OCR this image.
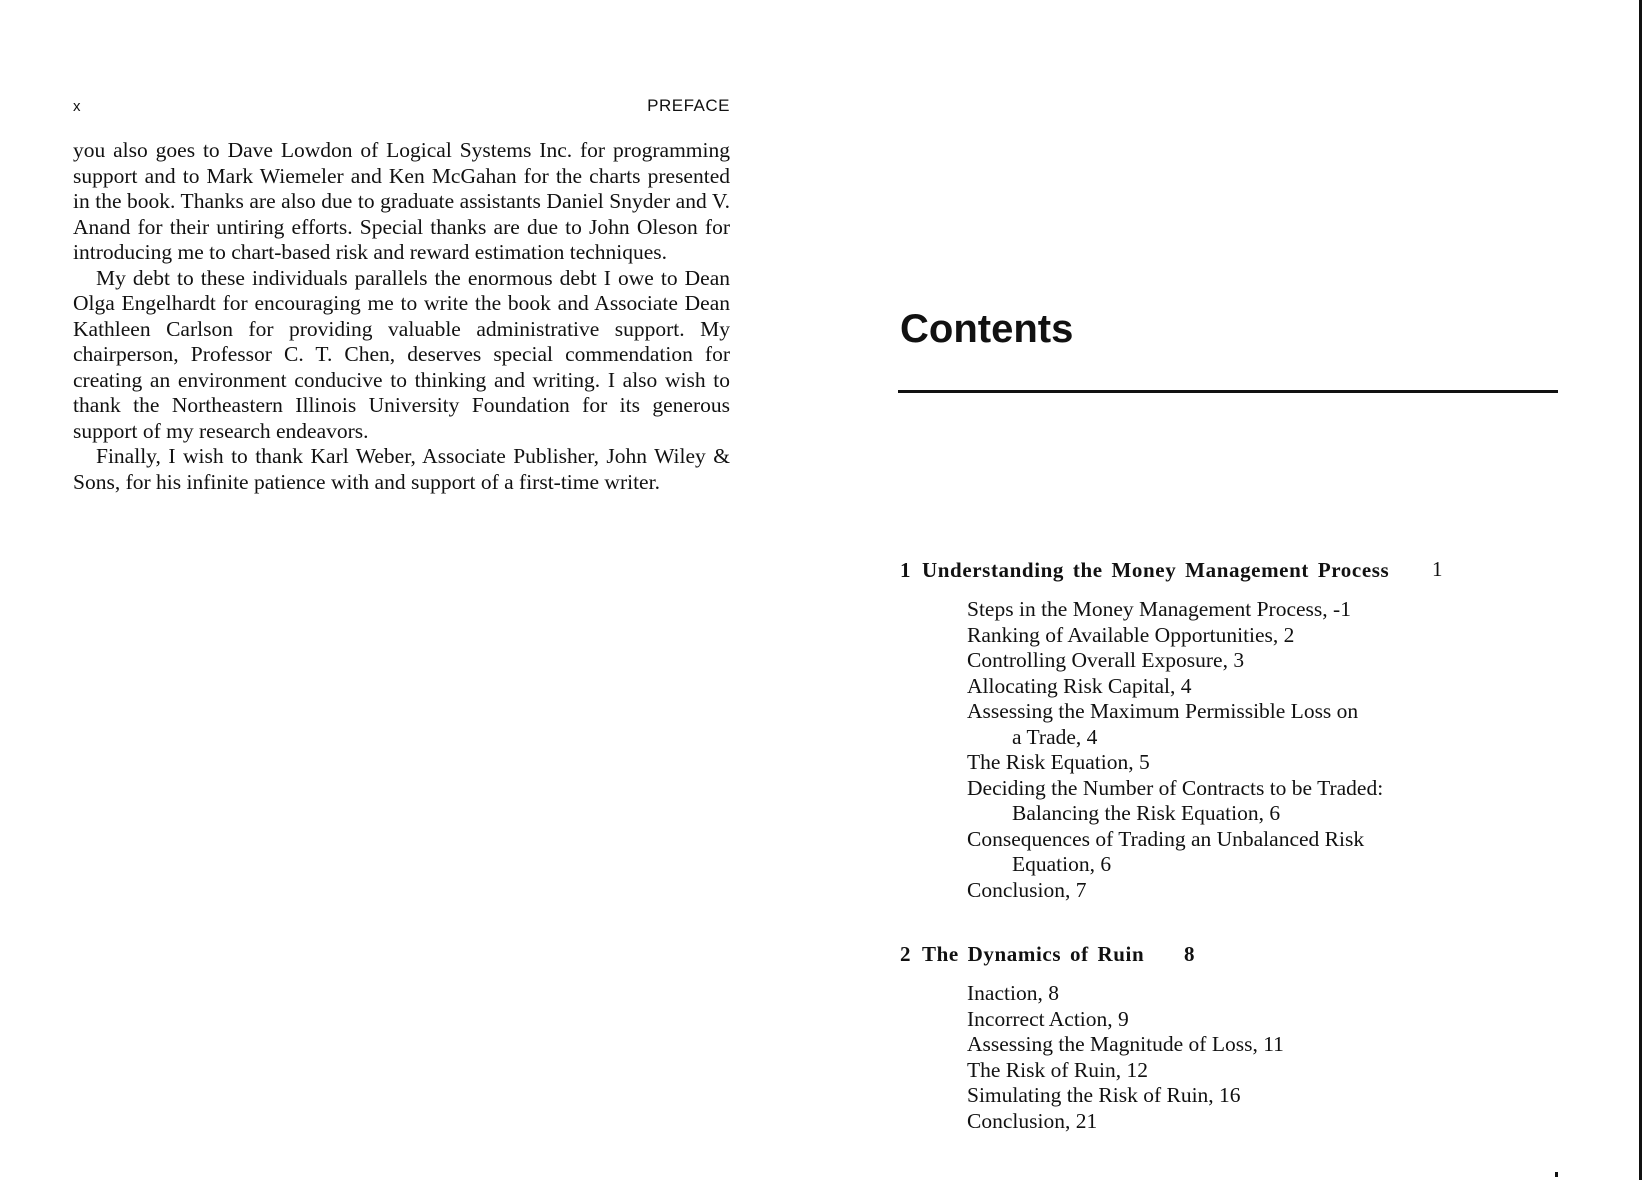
x	PREFACE

you also goes to Dave Lowdon of Logical Systems Inc. for programming support and to Mark Wiemeler and Ken McGahan for the charts presented in the book. Thanks are also due to graduate assistants Daniel Snyder and V. Anand for their untiring efforts. Special thanks are due to John Oleson for introducing me to chart-based risk and reward estimation techniques.

My debt to these individuals parallels the enormous debt I owe to Dean Olga Engelhardt for encouraging me to write the book and Associate Dean Kathleen Carlson for providing valuable administrative support. My chairperson, Professor C. T. Chen, deserves special commendation for creating an environment conducive to thinking and writing. I also wish to thank the Northeastern Illinois University Foundation for its generous support of my research endeavors.

Finally, I wish to thank Karl Weber, Associate Publisher, John Wiley & Sons, for his infinite patience with and support of a first-time writer.

Contents
1 Understanding the Money Management Process 1
Steps in the Money Management Process, -1
Ranking of Available Opportunities, 2
Controlling Overall Exposure, 3
Allocating Risk Capital, 4
Assessing the Maximum Permissible Loss on
a Trade, 4
The Risk Equation, 5
Deciding the Number of Contracts to be Traded:
Balancing the Risk Equation, 6
Consequences of Trading an Unbalanced Risk
Equation, 6
Conclusion, 7
2 The Dynamics of Ruin 8
Inaction, 8
Incorrect Action, 9
Assessing the Magnitude of Loss, 11
The Risk of Ruin, 12
Simulating the Risk of Ruin, 16
Conclusion, 21
